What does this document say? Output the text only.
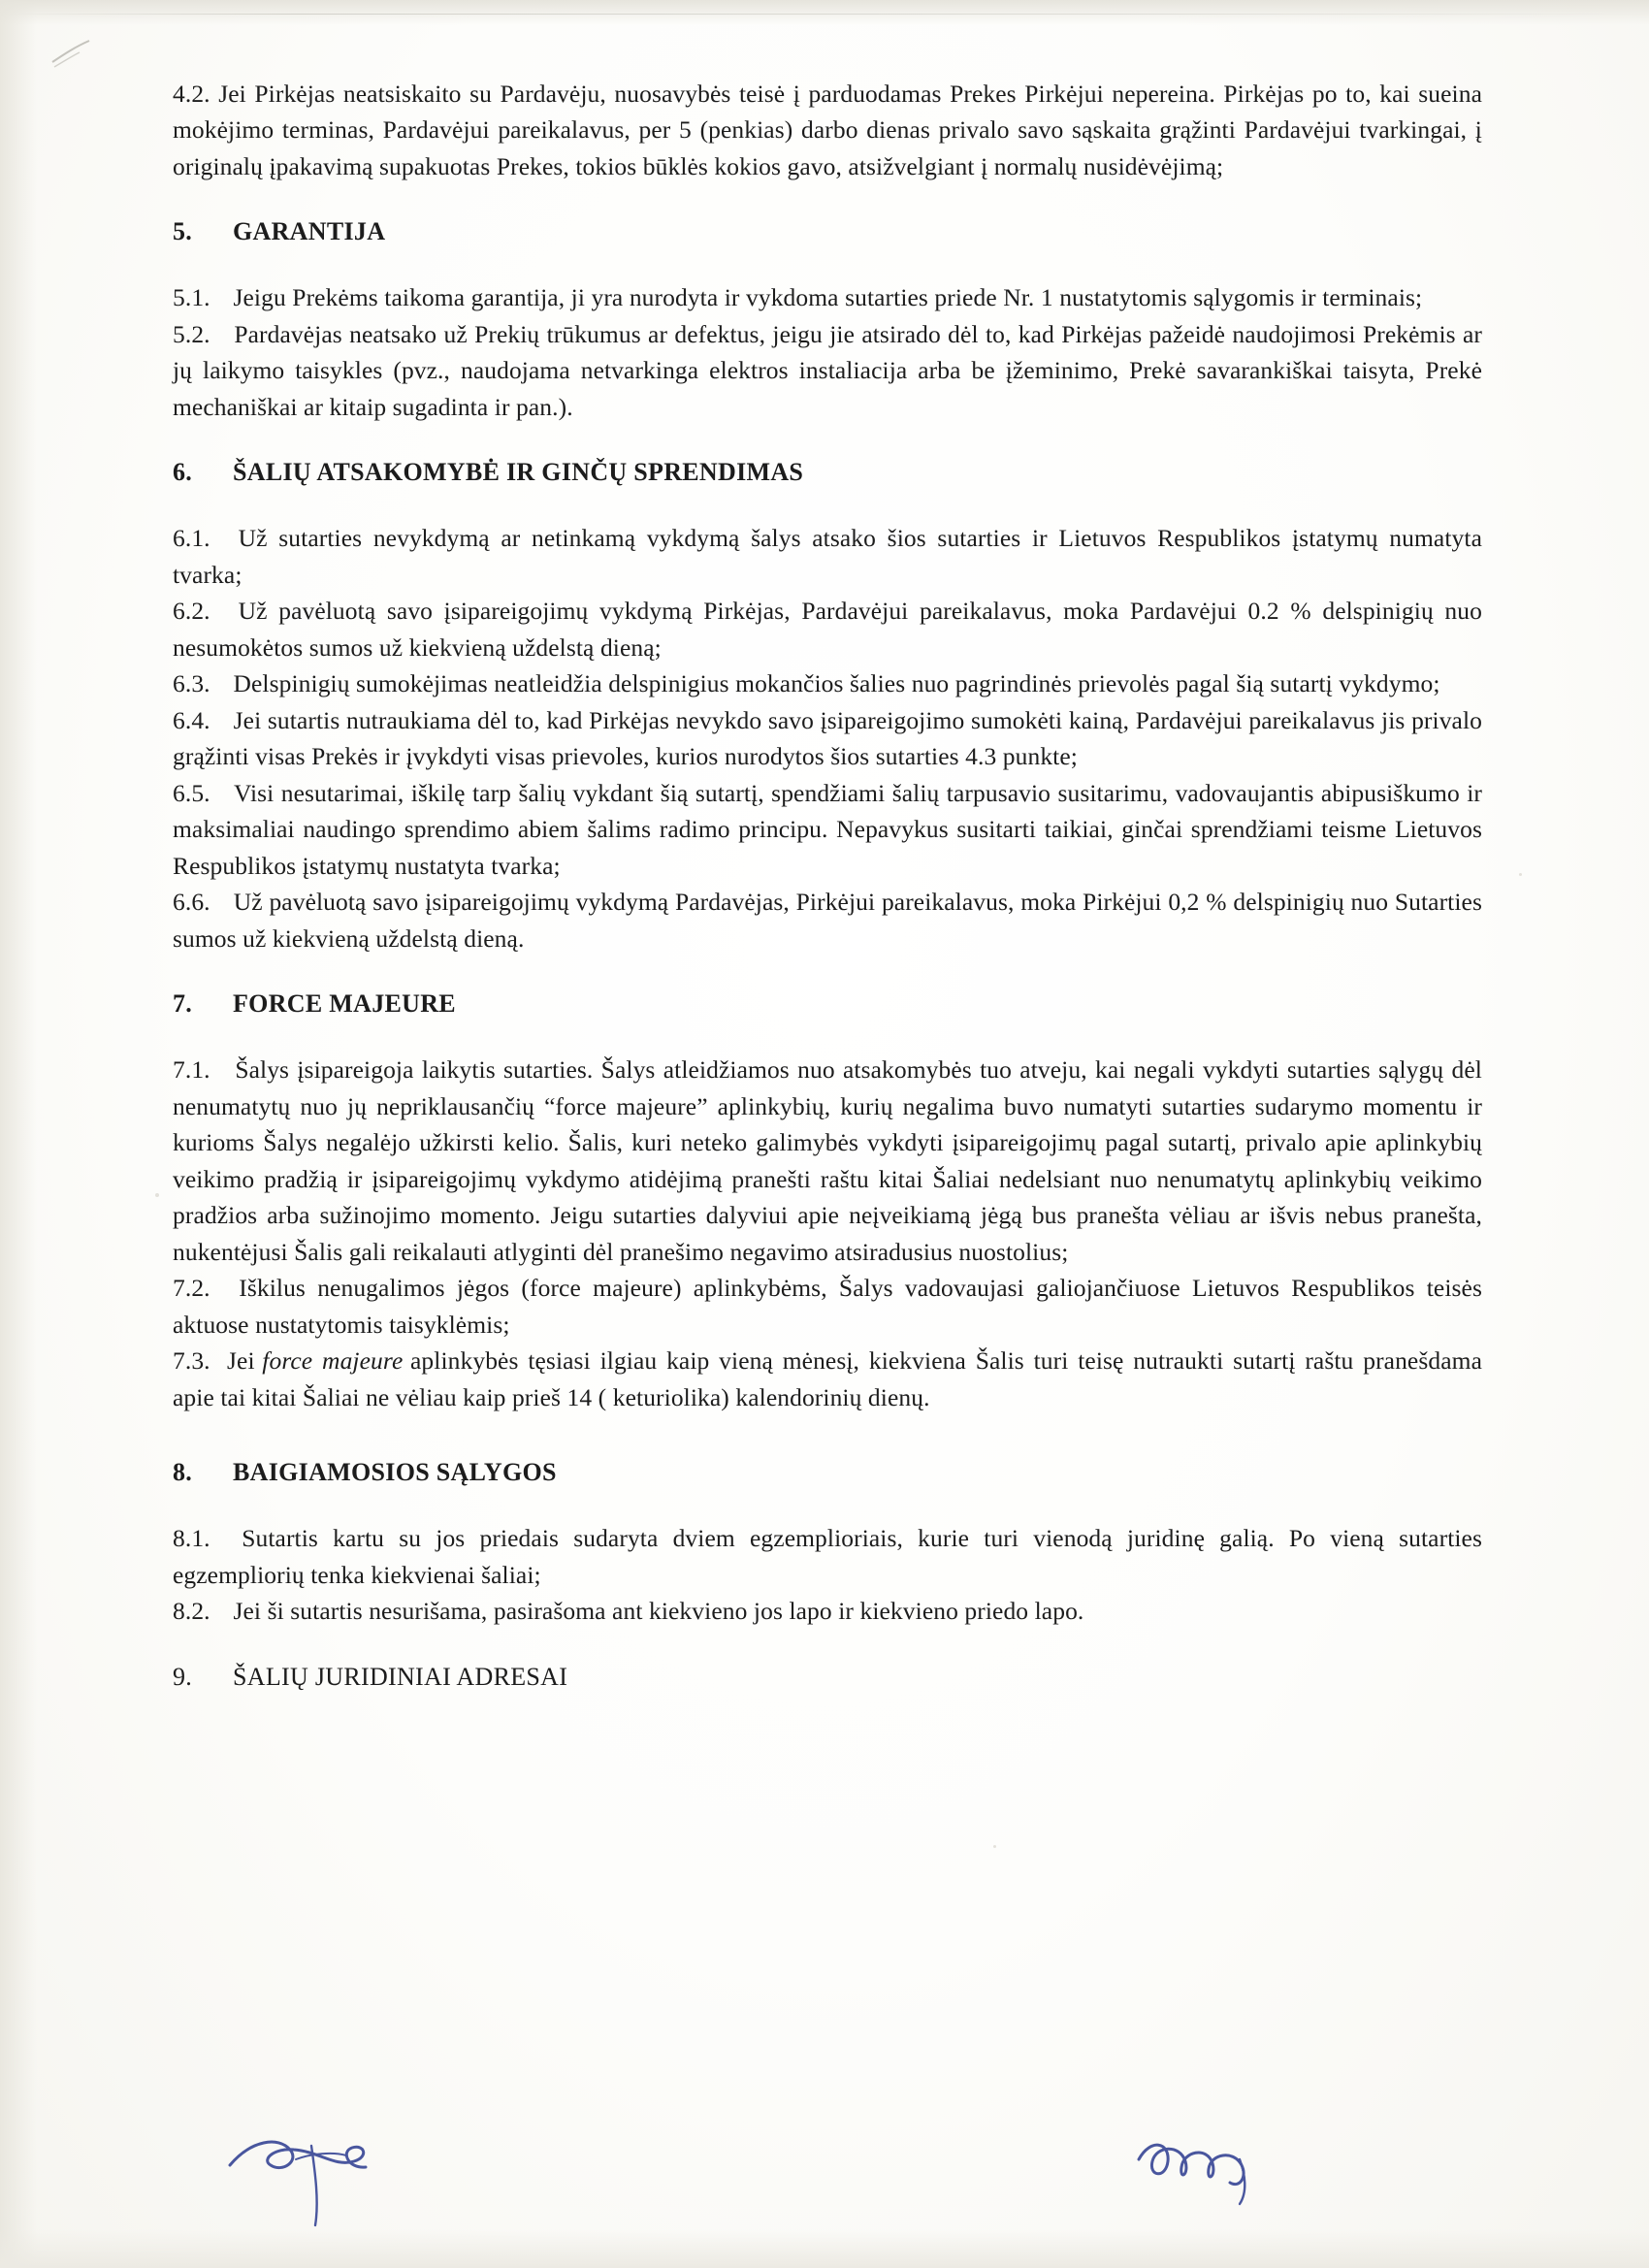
4.2. Jei Pirkėjas neatsiskaito su Pardavėju, nuosavybės teisė į parduodamas Prekes Pirkėjui nepereina. Pirkėjas po to, kai sueina mokėjimo terminas, Pardavėjui pareikalavus, per 5 (penkias) darbo dienas privalo savo sąskaita grąžinti Pardavėjui tvarkingai, į originalų įpakavimą supakuotas Prekes, tokios būklės kokios gavo, atsižvelgiant į normalų nusidėvėjimą;

5.	GARANTIJA

5.1. Jeigu Prekėms taikoma garantija, ji yra nurodyta ir vykdoma sutarties priede Nr. 1 nustatytomis sąlygomis ir terminais;

5.2. Pardavėjas neatsako už Prekių trūkumus ar defektus, jeigu jie atsirado dėl to, kad Pirkėjas pažeidė naudojimosi Prekėmis ar jų laikymo taisykles (pvz., naudojama netvarkinga elektros instaliacija arba be įžeminimo, Prekė savarankiškai taisyta, Prekė mechaniškai ar kitaip sugadinta ir pan.).

6.	ŠALIŲ ATSAKOMYBĖ IR GINČŲ SPRENDIMAS

6.1. Už sutarties nevykdymą ar netinkamą vykdymą šalys atsako šios sutarties ir Lietuvos Respublikos įstatymų numatyta tvarka;

6.2. Už pavėluotą savo įsipareigojimų vykdymą Pirkėjas, Pardavėjui pareikalavus, moka Pardavėjui 0.2 % delspinigių nuo nesumokėtos sumos už kiekvieną uždelstą dieną;

6.3. Delspinigių sumokėjimas neatleidžia delspinigius mokančios šalies nuo pagrindinės prievolės pagal šią sutartį vykdymo;

6.4. Jei sutartis nutraukiama dėl to, kad Pirkėjas nevykdo savo įsipareigojimo sumokėti kainą, Pardavėjui pareikalavus jis privalo grąžinti visas Prekės ir įvykdyti visas prievoles, kurios nurodytos šios sutarties 4.3 punkte;

6.5. Visi nesutarimai, iškilę tarp šalių vykdant šią sutartį, spendžiami šalių tarpusavio susitarimu, vadovaujantis abipusiškumo ir maksimaliai naudingo sprendimo abiem šalims radimo principu. Nepavykus susitarti taikiai, ginčai sprendžiami teisme Lietuvos Respublikos įstatymų nustatyta tvarka;

6.6. Už pavėluotą savo įsipareigojimų vykdymą Pardavėjas, Pirkėjui pareikalavus, moka Pirkėjui 0,2 % delspinigių nuo Sutarties sumos už kiekvieną uždelstą dieną.

7.	FORCE MAJEURE

7.1. Šalys įsipareigoja laikytis sutarties. Šalys atleidžiamos nuo atsakomybės tuo atveju, kai negali vykdyti sutarties sąlygų dėl nenumatytų nuo jų nepriklausančių “force majeure” aplinkybių, kurių negalima buvo numatyti sutarties sudarymo momentu ir kurioms Šalys negalėjo užkirsti kelio. Šalis, kuri neteko galimybės vykdyti įsipareigojimų pagal sutartį, privalo apie aplinkybių veikimo pradžią ir įsipareigojimų vykdymo atidėjimą pranešti raštu kitai Šaliai nedelsiant nuo nenumatytų aplinkybių veikimo pradžios arba sužinojimo momento. Jeigu sutarties dalyviui apie neįveikiamą jėgą bus pranešta vėliau ar išvis nebus pranešta, nukentėjusi Šalis gali reikalauti atlyginti dėl pranešimo negavimo atsiradusius nuostolius;

7.2. Iškilus nenugalimos jėgos (force majeure) aplinkybėms, Šalys vadovaujasi galiojančiuose Lietuvos Respublikos teisės aktuose nustatytomis taisyklėmis;

7.3. Jei force majeure aplinkybės tęsiasi ilgiau kaip vieną mėnesį, kiekviena Šalis turi teisę nutraukti sutartį raštu pranešdama apie tai kitai Šaliai ne vėliau kaip prieš 14 ( keturiolika) kalendorinių dienų.

8.	BAIGIAMOSIOS SĄLYGOS

8.1. Sutartis kartu su jos priedais sudaryta dviem egzemplioriais, kurie turi vienodą juridinę galią. Po vieną sutarties egzempliorių tenka kiekvienai šaliai;

8.2. Jei ši sutartis nesurišama, pasirašoma ant kiekvieno jos lapo ir kiekvieno priedo lapo.

9.	ŠALIŲ JURIDINIAI ADRESAI
